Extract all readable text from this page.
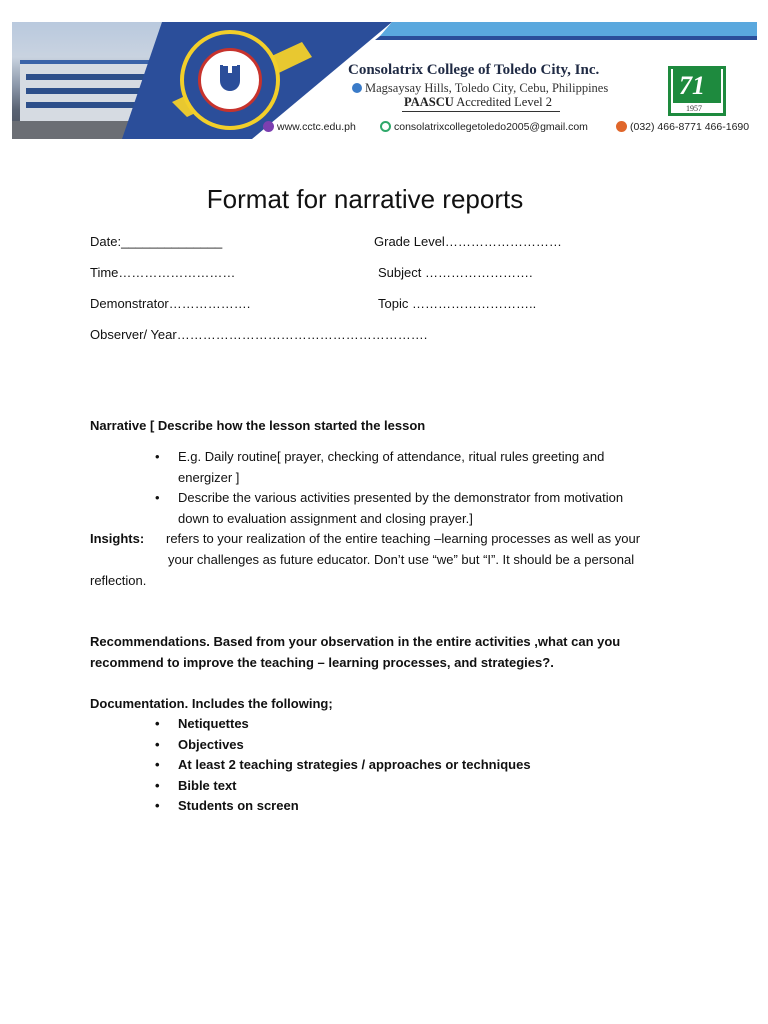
Consolatrix College of Toledo City, Inc.
Magsaysay Hills, Toledo City, Cebu, Philippines
PAASCU Accredited Level 2
www.cctc.edu.ph	consolatrixcollegetoledo2005@gmail.com	(032) 466-8771 466-1690
71
1957
Format for narrative reports
Date:______________	Grade Level………………………
Time………………………	Subject …………………….
Demonstrator……………….	Topic ………………………..
Observer/ Year………………………………………………….
Narrative [ Describe how the lesson started the lesson
• E.g. Daily routine[ prayer, checking of attendance, ritual rules greeting and
energizer ]
• Describe the various activities presented by the demonstrator from motivation
down to evaluation assignment and closing prayer.]
Insights: refers to your realization of the entire teaching –learning processes as well as your
your challenges as future educator. Don’t use “we” but “I”. It should be a personal
reflection.
Recommendations. Based from your observation in the entire activities ,what can you
recommend to improve the teaching – learning processes, and strategies?.
Documentation. Includes the following;
• Netiquettes
• Objectives
• At least 2 teaching strategies / approaches or techniques
• Bible text
• Students on screen
